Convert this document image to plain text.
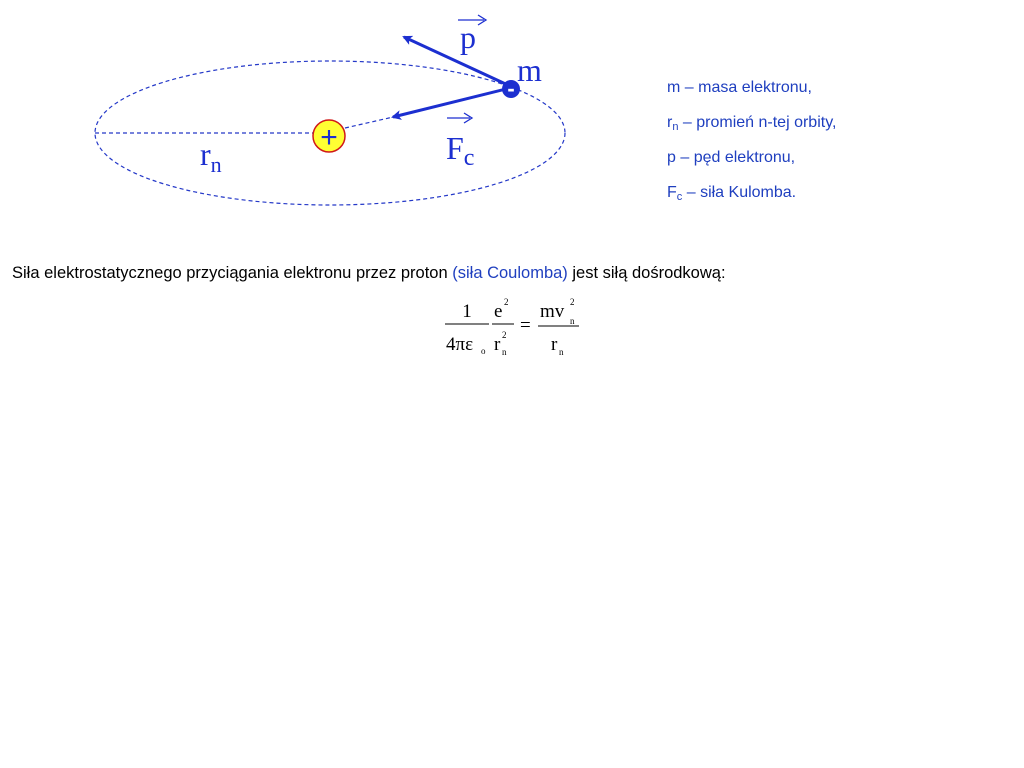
+
-
m
p
Fc
$r_n$
m – masa elektronu,
$r_n$ – promień n-tej orbity,
p – pęd elektronu,
$F_c$ – siła Kulomba.
Siła elektrostatycznego przyciągania elektronu przez proton (siła Coulomba) jest siłą dośrodkową:
1
4πε o
e 2
r 2
n
=
mv 2
n
r n
